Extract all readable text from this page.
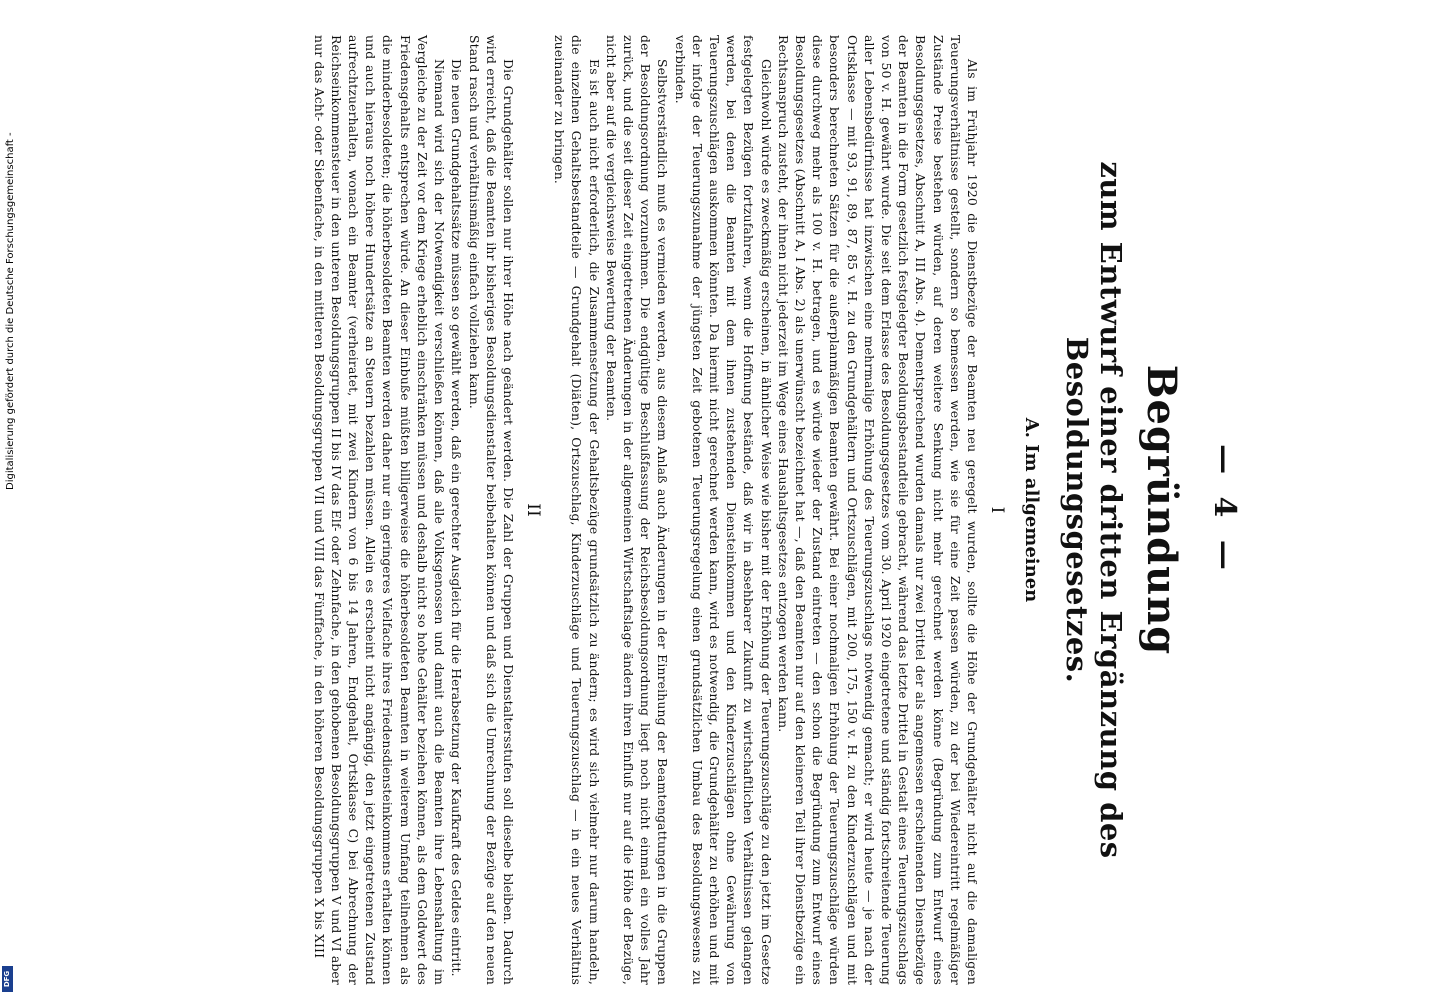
— 4 —
Begründung
zum Entwurf einer dritten Ergänzung des Besoldungsgesetzes.
A. Im allgemeinen
I

Als im Frühjahr 1920 die Dienstbezüge der Beamten neu geregelt wurden, sollte die Höhe der Grundgehälter nicht auf die damaligen Teuerungsverhältnisse gestellt, sondern so bemessen werden, wie sie für eine Zeit passen würden, zu der bei Wiedereintritt regelmäßiger Zustände Preise bestehen würden, auf deren weitere Senkung nicht mehr gerechnet werden könne (Begründung zum Entwurf eines Besoldungsgesetzes, Abschnitt A, III Abs. 4). Dementsprechend wurden damals nur zwei Drittel der als angemessen erscheinenden Dienstbezüge der Beamten in die Form gesetzlich festgelegter Besoldungsbestandteile gebracht, während das letzte Drittel in Gestalt eines Teuerungszuschlags von 50 v. H. gewährt wurde. Die seit dem Erlasse des Besoldungsgesetzes vom 30. April 1920 eingetretene und ständig fortschreitende Teuerung aller Lebensbedürfnisse hat inzwischen eine mehrmalige Erhöhung des Teuerungszuschlags notwendig gemacht; er wird heute — je nach der Ortsklasse — mit 93, 91, 89, 87, 85 v. H. zu den Grundgehältern und Ortszuschlägen, mit 200, 175, 150 v. H. zu den Kinderzuschlägen und mit besonders berechneten Sätzen für die außerplanmäßigen Beamten gewährt. Bei einer nochmaligen Erhöhung der Teuerungszuschläge würden diese durchweg mehr als 100 v. H. betragen, und es würde wieder der Zustand eintreten — den schon die Begründung zum Entwurf eines Besoldungsgesetzes (Abschnitt A, I Abs. 2) als unerwünscht bezeichnet hat —, daß den Beamten nur auf den kleineren Teil ihrer Dienstbezüge ein Rechtsanspruch zusteht, der ihnen nicht jederzeit im Wege eines Haushaltsgesetzes entzogen werden kann.

Gleichwohl würde es zweckmäßig erscheinen, in ähnlicher Weise wie bisher mit der Erhöhung der Teuerungszuschläge zu den jetzt im Gesetze festgelegten Bezügen fortzufahren, wenn die Hoffnung bestände, daß wir in absehbarer Zukunft zu wirtschaftlichen Verhältnissen gelangen werden, bei denen die Beamten mit dem ihnen zustehenden Diensteinkommen und den Kinderzuschlägen ohne Gewährung von Teuerungszuschlägen auskommen könnten. Da hiermit nicht gerechnet werden kann, wird es notwendig, die Grundgehälter zu erhöhen und mit der infolge der Teuerungszunahme der jüngsten Zeit gebotenen Teuerungsregelung einen grundsätzlichen Umbau des Besoldungswesens zu verbinden.

Selbstverständlich muß es vermieden werden, aus diesem Anlaß auch Änderungen in der Einreihung der Beamtengattungen in die Gruppen der Besoldungsordnung vorzunehmen. Die endgültige Beschlußfassung der Reichsbesoldungsordnung liegt noch nicht einmal ein volles Jahr zurück, und die seit dieser Zeit eingetretenen Änderungen in der allgemeinen Wirtschaftslage ändern ihren Einfluß nur auf die Höhe der Bezüge, nicht aber auf die vergleichsweise Bewertung der Beamten.

Es ist auch nicht erforderlich, die Zusammensetzung der Gehaltsbezüge grundsätzlich zu ändern; es wird sich vielmehr nur darum handeln, die einzelnen Gehaltsbestandteile — Grundgehalt (Diäten), Ortszuschlag, Kinderzuschläge und Teuerungszuschlag — in ein neues Verhältnis zueinander zu bringen.

II

Die Grundgehälter sollen nur ihrer Höhe nach geändert werden. Die Zahl der Gruppen und Dienstaltersstufen soll dieselbe bleiben. Dadurch wird erreicht, daß die Beamten ihr bisheriges Besoldungsdienstalter beibehalten können und daß sich die Umrechnung der Bezüge auf den neuen Stand rasch und verhältnismäßig einfach vollziehen kann.

Die neuen Grundgehaltssätze müssen so gewählt werden, daß ein gerechter Ausgleich für die Herabsetzung der Kaufkraft des Geldes eintritt.

Niemand wird sich der Notwendigkeit verschließen können, daß alle Volksgenossen und damit auch die Beamten ihre Lebenshaltung im Vergleiche zu der Zeit vor dem Kriege erheblich einschränken müssen und deshalb nicht so hohe Gehälter beziehen können, als dem Goldwert des Friedensgehalts entsprechen würde. An dieser Einbuße müßten billigerweise die höherbesoldeten Beamten in weiterem Umfang teilnehmen als die minderbesoldeten; die höherbesoldeten Beamten werden daher nur ein geringeres Vielfache ihres Friedensdiensteinkommens erhalten können und auch hieraus noch höhere Hundertsätze an Steuern bezahlen müssen. Allein es erscheint nicht angängig, den jetzt eingetretenen Zustand aufrechtzuerhalten, wonach ein Beamter (verheiratet, mit zwei Kindern von 6 bis 14 Jahren, Endgehalt, Ortsklasse C) bei Abrechnung der Reichseinkommensteuer in den unteren Besoldungsgruppen II bis IV das Elf- oder Zehnfache, in den gehobenen Besoldungsgruppen V und VI aber nur das Acht- oder Siebenfache, in den mittleren Besoldungsgruppen VII und VIII das Fünffache, in den höheren Besoldungsgruppen X bis XIII

Digitalisierung gefördert durch die Deutsche Forschungsgemeinschaft -
DFG
